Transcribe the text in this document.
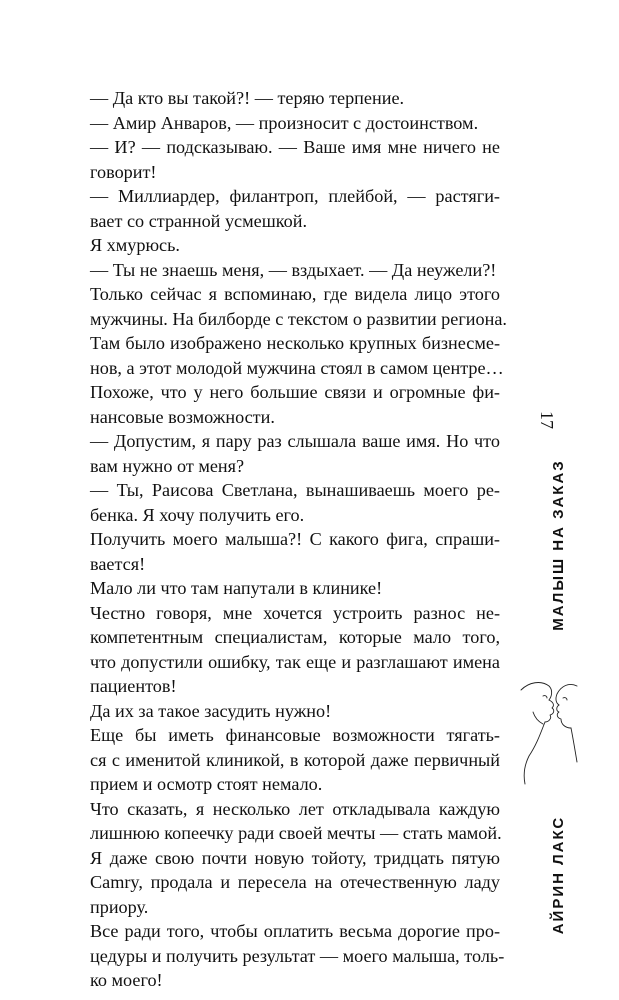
— Да кто вы такой?! — теряю терпение.
— Амир Анваров, — произносит с достоинством.
— И? — подсказываю. — Ваше имя мне ничего не
говорит!
— Миллиардер, филантроп, плейбой, — растяги-
вает со странной усмешкой.
Я хмурюсь.
— Ты не знаешь меня, — вздыхает. — Да неужели?!
Только сейчас я вспоминаю, где видела лицо этого
мужчины. На билборде с текстом о развитии региона.
Там было изображено несколько крупных бизнесме-
нов, а этот молодой мужчина стоял в самом центре…
Похоже, что у него большие связи и огромные фи-
нансовые возможности.
— Допустим, я пару раз слышала ваше имя. Но что
вам нужно от меня?
— Ты, Раисова Светлана, вынашиваешь моего ре-
бенка. Я хочу получить его.
Получить моего малыша?! С какого фига, спраши-
вается!
Мало ли что там напутали в клинике!
Честно говоря, мне хочется устроить разнос не-
компетентным специалистам, которые мало того,
что допустили ошибку, так еще и разглашают имена
пациентов!
Да их за такое засудить нужно!
Еще бы иметь финансовые возможности тягать-
ся с именитой клиникой, в которой даже первичный
прием и осмотр стоят немало.
Что сказать, я несколько лет откладывала каждую
лишнюю копеечку ради своей мечты — стать мамой.
Я даже свою почти новую тойоту, тридцать пятую
Camry, продала и пересела на отечественную ладу
приору.
Все ради того, чтобы оплатить весьма дорогие про-
цедуры и получить результат — моего малыша, толь-
ко моего!
17
МАЛЫШ НА ЗАКАЗ
АЙРИН ЛАКС
